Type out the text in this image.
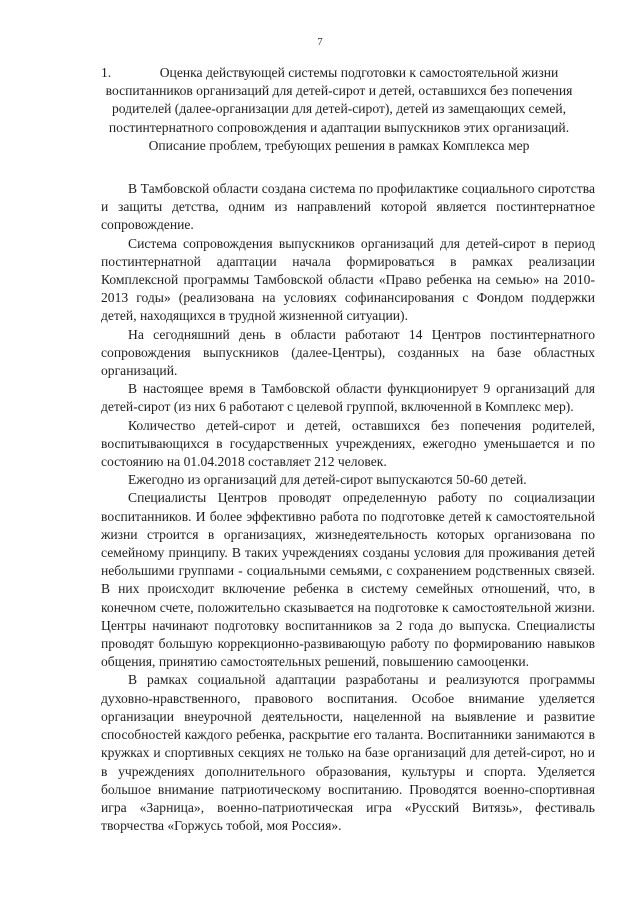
7
1.	Оценка действующей системы подготовки к самостоятельной жизни воспитанников организаций для детей-сирот и детей, оставшихся без попечения родителей (далее-организации для детей-сирот), детей из замещающих семей, постинтернатного сопровождения и адаптации выпускников этих организаций. Описание проблем, требующих решения в рамках Комплекса мер

В Тамбовской области создана система по профилактике социального сиротства и защиты детства, одним из направлений которой является постинтернатное сопровождение.

Система сопровождения выпускников организаций для детей-сирот в период постинтернатной адаптации начала формироваться в рамках реализации Комплексной программы Тамбовской области «Право ребенка на семью» на 2010-2013 годы» (реализована на условиях софинансирования с Фондом поддержки детей, находящихся в трудной жизненной ситуации).

На сегодняшний день в области работают 14 Центров постинтернатного сопровождения выпускников (далее-Центры), созданных на базе областных организаций.

В настоящее время в Тамбовской области функционирует 9 организаций для детей-сирот (из них 6 работают с целевой группой, включенной в Комплекс мер).

Количество детей-сирот и детей, оставшихся без попечения родителей, воспитывающихся в государственных учреждениях, ежегодно уменьшается и по состоянию на 01.04.2018 составляет 212 человек.

Ежегодно из организаций для детей-сирот выпускаются 50-60 детей.

Специалисты Центров проводят определенную работу по социализации воспитанников. И более эффективно работа по подготовке детей к самостоятельной жизни строится в организациях, жизнедеятельность которых организована по семейному принципу. В таких учреждениях созданы условия для проживания детей небольшими группами - социальными семьями, с сохранением родственных связей. В них происходит включение ребенка в систему семейных отношений, что, в конечном счете, положительно сказывается на подготовке к самостоятельной жизни. Центры начинают подготовку воспитанников за 2 года до выпуска. Специалисты проводят большую коррекционно-развивающую работу по формированию навыков общения, принятию самостоятельных решений, повышению самооценки.

В рамках социальной адаптации разработаны и реализуются программы духовно-нравственного, правового воспитания. Особое внимание уделяется организации внеурочной деятельности, нацеленной на выявление и развитие способностей каждого ребенка, раскрытие его таланта. Воспитанники занимаются в кружках и спортивных секциях не только на базе организаций для детей-сирот, но и в учреждениях дополнительного образования, культуры и спорта. Уделяется большое внимание патриотическому воспитанию. Проводятся военно-спортивная игра «Зарница», военно-патриотическая игра «Русский Витязь», фестиваль творчества «Горжусь тобой, моя Россия».
